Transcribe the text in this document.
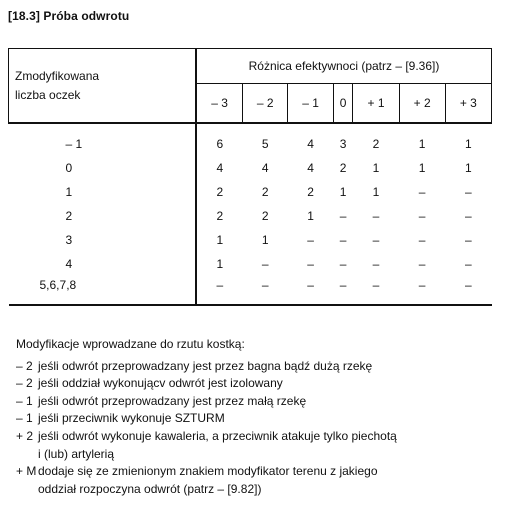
[18.3] Próba odwrotu
Zmodyfikowana
liczba oczek	Różnica efektywnoci (patrz – [9.36])						
	– 3	– 2	– 1	0	+ 1	+ 2	+ 3
– 1	6	5	4	3	2	1	1
0	4	4	4	2	1	1	1
1	2	2	2	1	1	–	–
2	2	2	1	–	–	–	–
3	1	1	–	–	–	–	–
4	1	–	–	–	–	–	–
5,6,7,8	–	–	–	–	–	–	–
Modyfikacje wprowadzane do rzutu kostką:
– 2 jeśli odwrót przeprowadzany jest przez bagna bądź dużą rzekę
– 2 jeśli oddział wykonującv odwrót jest izolowany
– 1 jeśli odwrót przeprowadzany jest przez małą rzekę
– 1 jeśli przeciwnik wykonuje SZTURM
+ 2 jeśli odwrót wykonuje kawaleria, a przeciwnik atakuje tylko piechotą
i (lub) artylerią
+ M dodaje się ze zmienionym znakiem modyfikator terenu z jakiego
oddział rozpoczyna odwrót (patrz – [9.82])
